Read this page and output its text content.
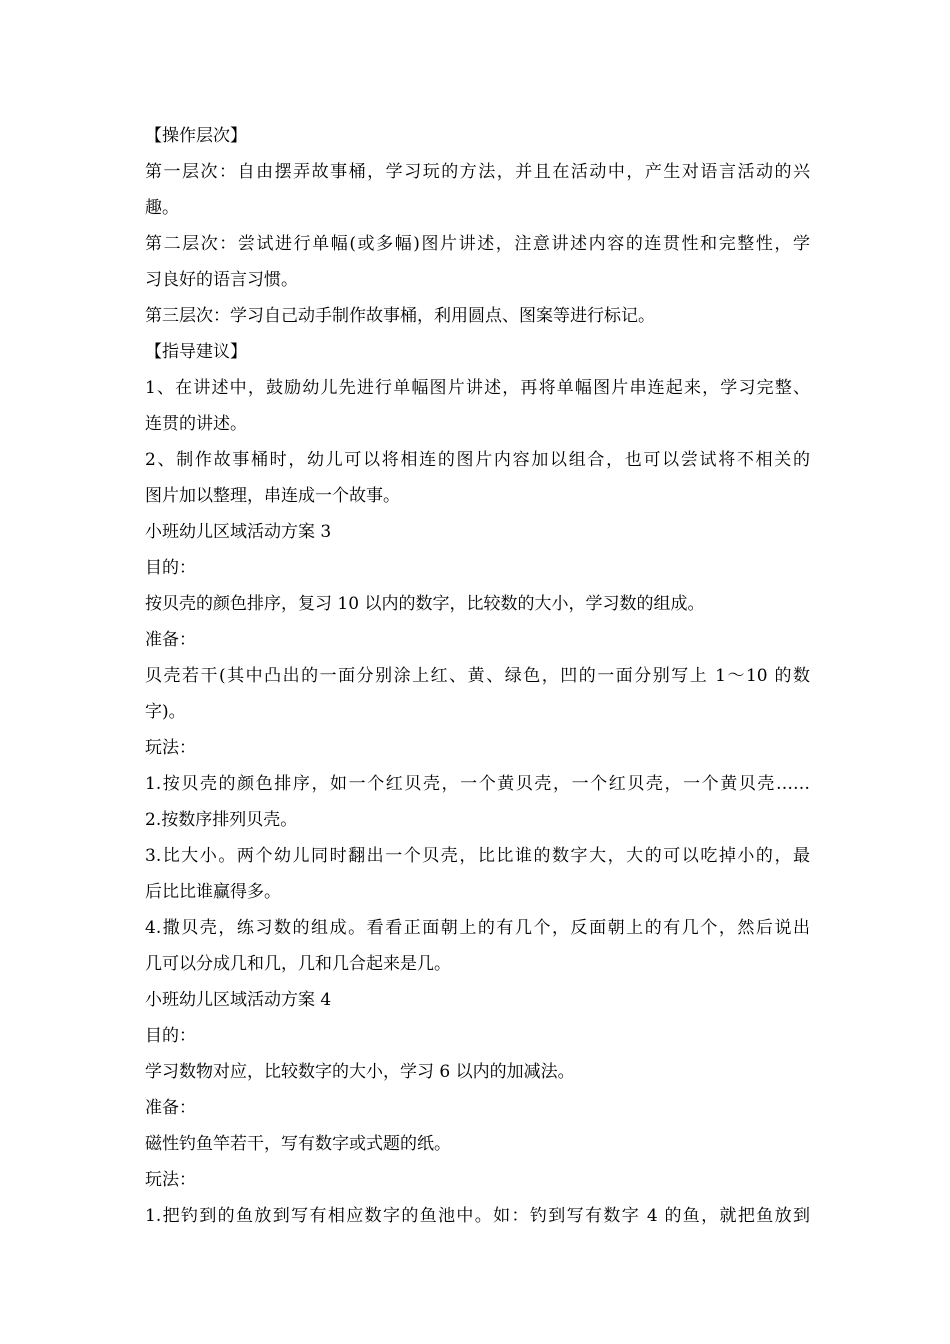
【操作层次】
第一层次：自由摆弄故事桶，学习玩的方法，并且在活动中，产生对语言活动的兴
趣。
第二层次：尝试进行单幅(或多幅)图片讲述，注意讲述内容的连贯性和完整性，学
习良好的语言习惯。
第三层次：学习自己动手制作故事桶，利用圆点、图案等进行标记。
【指导建议】
1、在讲述中，鼓励幼儿先进行单幅图片讲述，再将单幅图片串连起来，学习完整、
连贯的讲述。
2、制作故事桶时，幼儿可以将相连的图片内容加以组合，也可以尝试将不相关的
图片加以整理，串连成一个故事。
小班幼儿区域活动方案 3
目的：
按贝壳的颜色排序，复习 10 以内的数字，比较数的大小，学习数的组成。
准备：
贝壳若干(其中凸出的一面分别涂上红、黄、绿色，凹的一面分别写上 1～10 的数
字)。
玩法：
1.按贝壳的颜色排序，如一个红贝壳，一个黄贝壳，一个红贝壳，一个黄贝壳……
2.按数序排列贝壳。
3.比大小。两个幼儿同时翻出一个贝壳，比比谁的数字大，大的可以吃掉小的，最
后比比谁赢得多。
4.撒贝壳，练习数的组成。看看正面朝上的有几个，反面朝上的有几个，然后说出
几可以分成几和几，几和几合起来是几。
小班幼儿区域活动方案 4
目的：
学习数物对应，比较数字的大小，学习 6 以内的加减法。
准备：
磁性钓鱼竿若干，写有数字或式题的纸。
玩法：
1.把钓到的鱼放到写有相应数字的鱼池中。如：钓到写有数字 4 的鱼，就把鱼放到
